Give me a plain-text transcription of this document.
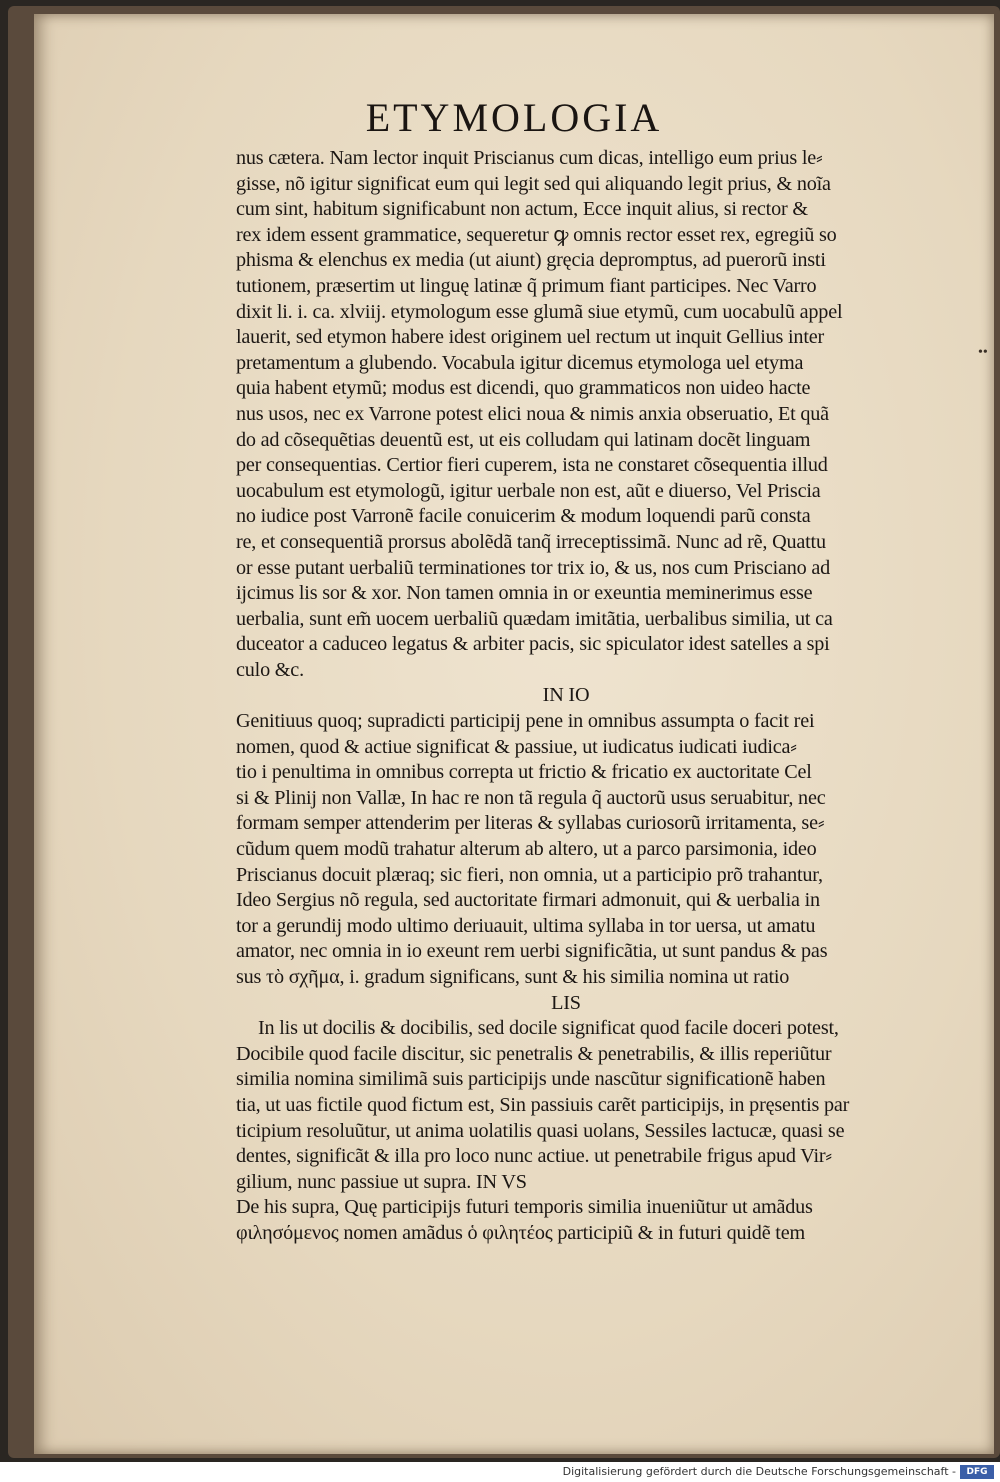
ETYMOLOGIA
nus cætera. Nam lector inquit Priscianus cum dicas, intelligo eum prius le⸗
gisse, nõ igitur significat eum qui legit sed qui aliquando legit prius, & noĩa
cum sint, habitum significabunt non actum, Ecce inquit alius, si rector &
rex idem essent grammatice, sequeretur ꝙ omnis rector esset rex, egregiũ so
phisma & elenchus ex media (ut aiunt) gręcia depromptus, ad puerorũ insti
tutionem, præsertim ut linguę latinæ q̃ primum fiant participes. Nec Varro
dixit li. i. ca. xlviij. etymologum esse glumã siue etymũ, cum uocabulũ appel
lauerit, sed etymon habere idest originem uel rectum ut inquit Gellius inter
pretamentum a glubendo. Vocabula igitur dicemus etymologa uel etyma
quia habent etymũ; modus est dicendi, quo grammaticos non uideo hacte
nus usos, nec ex Varrone potest elici noua & nimis anxia obseruatio, Et quã
do ad cõsequẽtias deuentũ est, ut eis colludam qui latinam docẽt linguam
per consequentias. Certior fieri cuperem, ista ne constaret cõsequentia illud
uocabulum est etymologũ, igitur uerbale non est, aũt e diuerso, Vel Priscia
no iudice post Varronẽ facile conuicerim & modum loquendi parũ consta
re, et consequentiã prorsus abolẽdã tanq̃ irreceptissimã. Nunc ad rẽ, Quattu
or esse putant uerbaliũ terminationes tor trix io, & us, nos cum Prisciano ad
ijcimus lis sor & xor. Non tamen omnia in or exeuntia meminerimus esse
uerbalia, sunt em̃ uocem uerbaliũ quædam imitãtia, uerbalibus similia, ut ca
duceator a caduceo legatus & arbiter pacis, sic spiculator idest satelles a spi
culo &c.
IN IO
Genitiuus quoq; supradicti participij pene in omnibus assumpta o facit rei
nomen, quod & actiue significat & passiue, ut iudicatus iudicati iudica⸗
tio i penultima in omnibus correpta ut frictio & fricatio ex auctoritate Cel
si & Plinij non Vallæ, In hac re non tã regula q̃ auctorũ usus seruabitur, nec
formam semper attenderim per literas & syllabas curiosorũ irritamenta, se⸗
cũdum quem modũ trahatur alterum ab altero, ut a parco parsimonia, ideo
Priscianus docuit plæraq; sic fieri, non omnia, ut a participio prõ trahantur,
Ideo Sergius nõ regula, sed auctoritate firmari admonuit, qui & uerbalia in
tor a gerundij modo ultimo deriuauit, ultima syllaba in tor uersa, ut amatu
amator, nec omnia in io exeunt rem uerbi significãtia, ut sunt pandus & pas
sus τὸ σχῆμα, i. gradum significans, sunt & his similia nomina ut ratio
LIS
In lis ut docilis & docibilis, sed docile significat quod facile doceri potest,
Docibile quod facile discitur, sic penetralis & penetrabilis, & illis reperiũtur
similia nomina similimã suis participijs unde nascũtur significationẽ haben
tia, ut uas fictile quod fictum est, Sin passiuis carẽt participijs, in pręsentis par
ticipium resoluũtur, ut anima uolatilis quasi uolans, Sessiles lactucæ, quasi se
dentes, significãt & illa pro loco nunc actiue. ut penetrabile frigus apud Vir⸗
gilium, nunc passiue ut supra. IN VS
De his supra, Quę participijs futuri temporis similia inueniũtur ut amãdus
φιλησόμενος nomen amãdus ὁ φιλητέος participiũ & in futuri quidẽ tem
••
Digitalisierung gefördert durch die Deutsche Forschungsgemeinschaft -	DFG
